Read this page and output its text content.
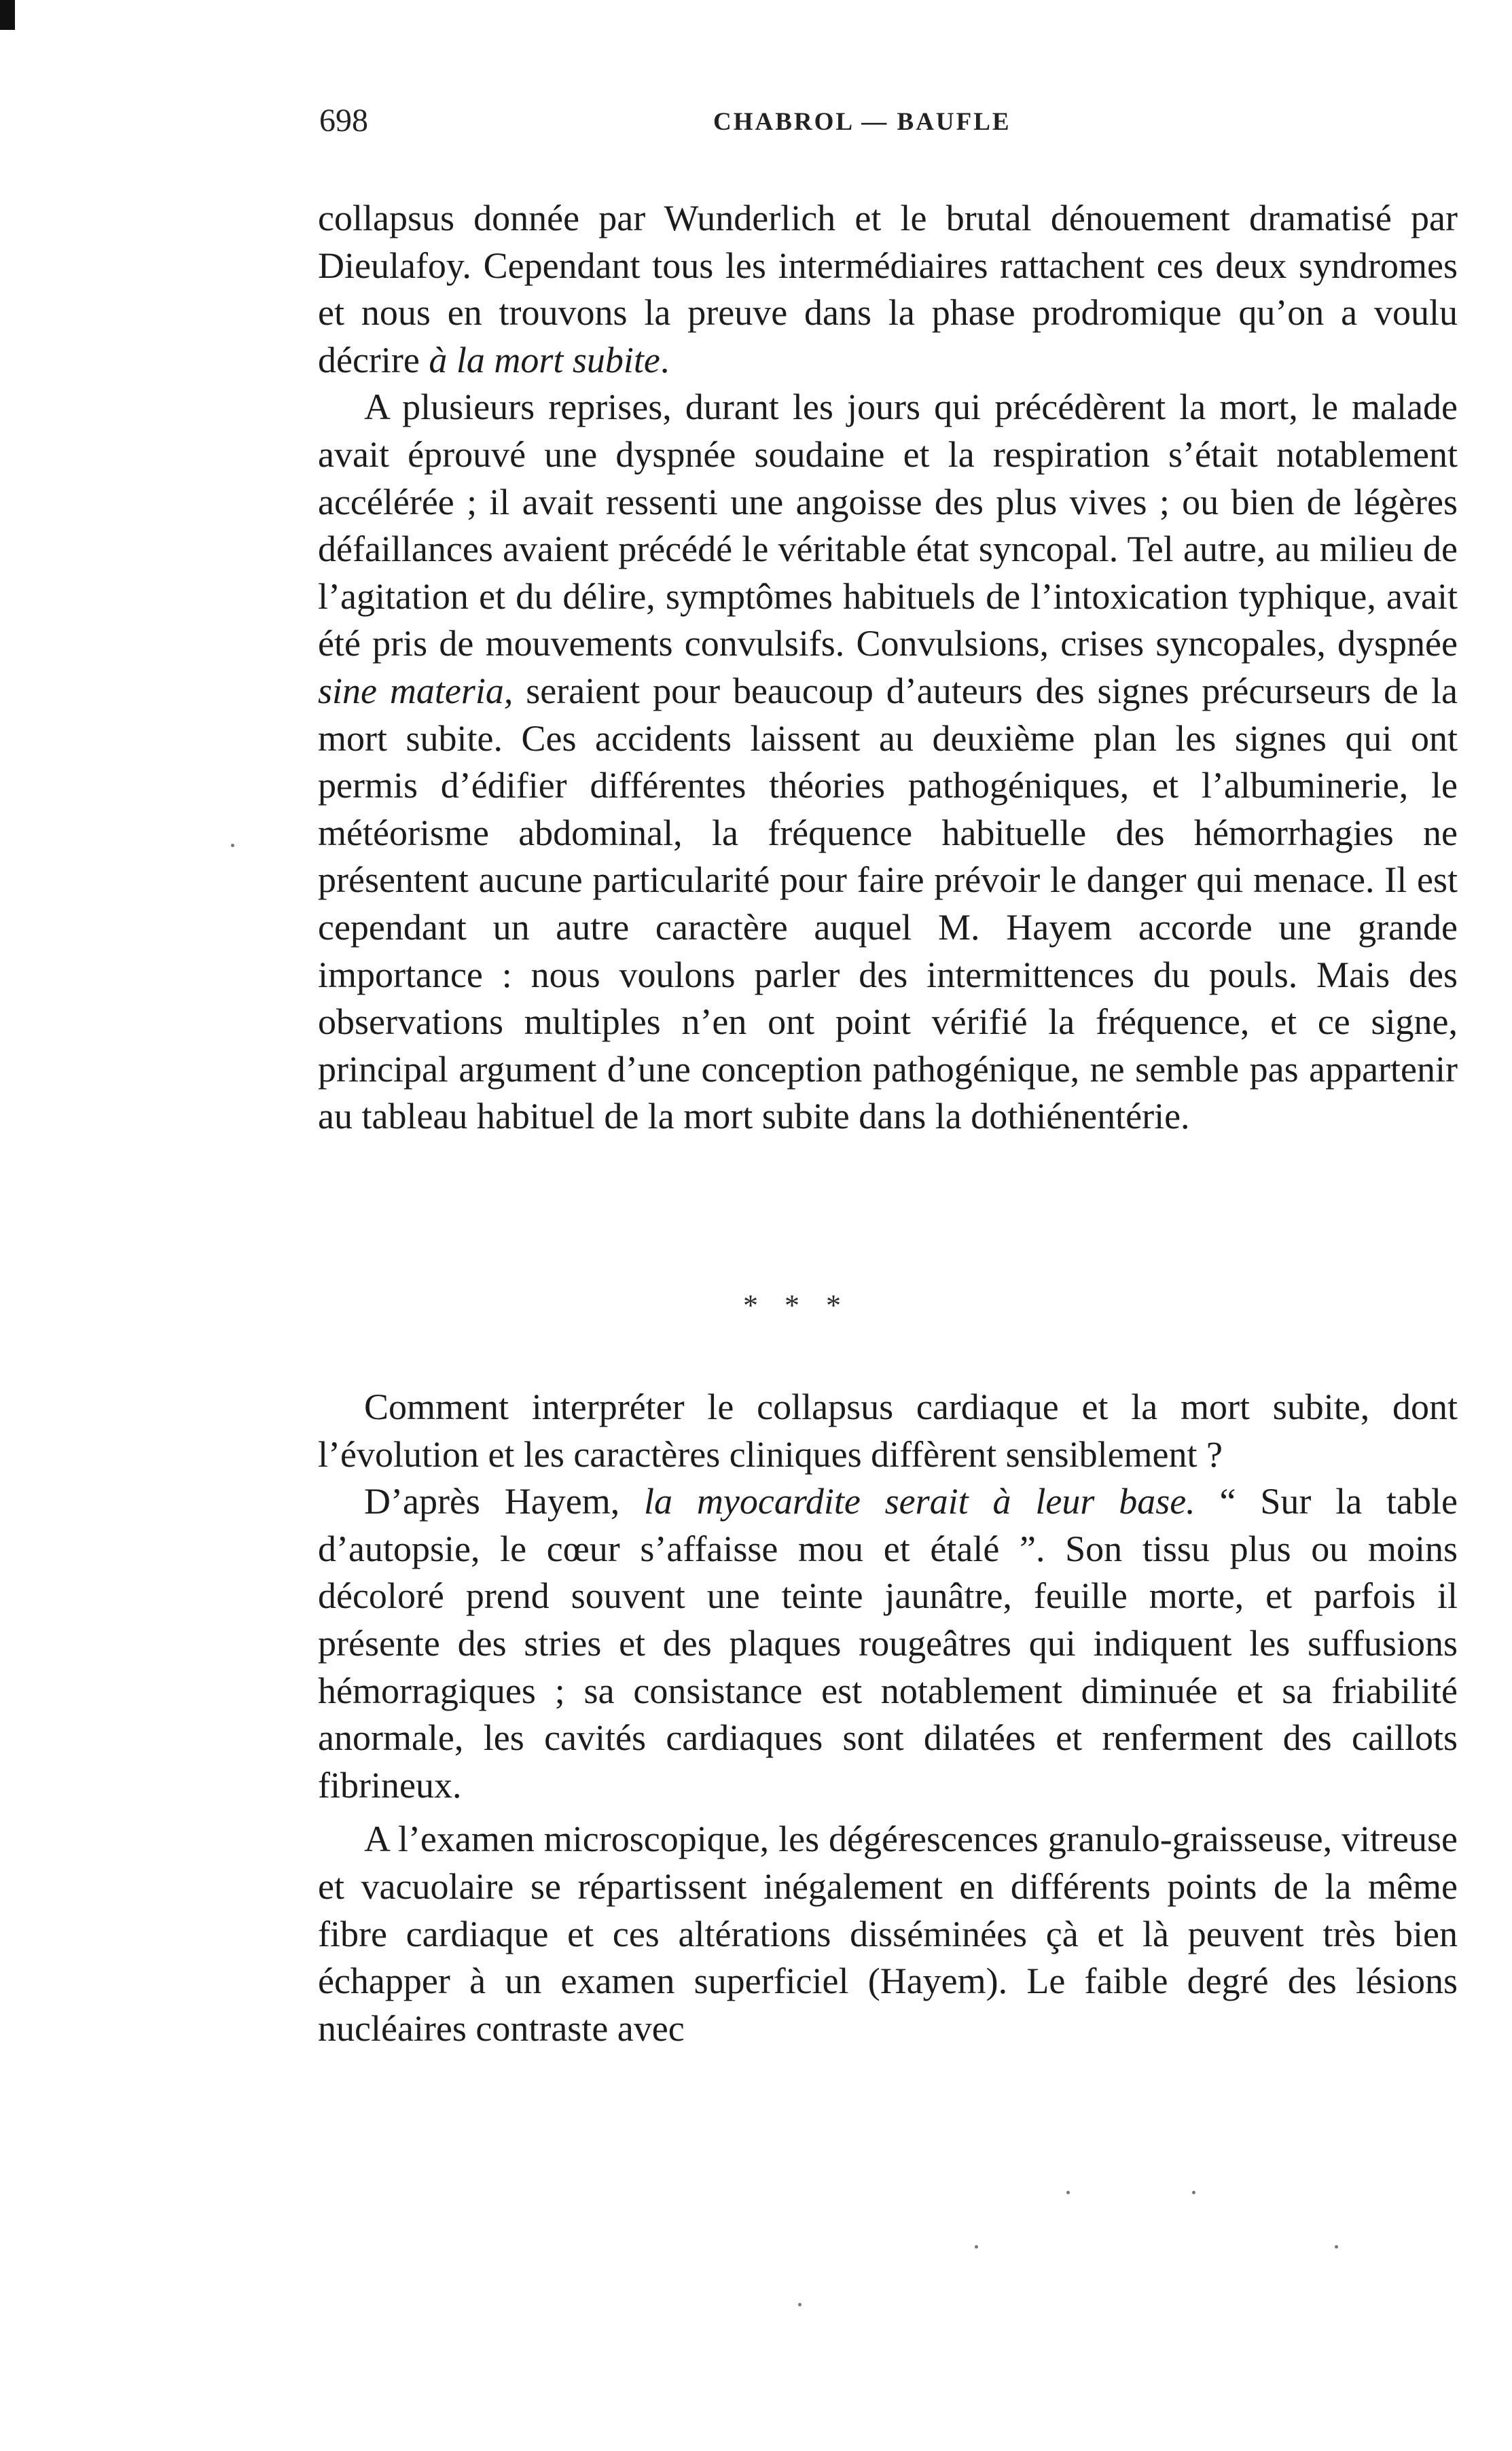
698	CHABROL — BAUFLE

collapsus donnée par Wunderlich et le brutal dénouement dramatisé par Dieulafoy. Cependant tous les intermédiaires rattachent ces deux syndromes et nous en trouvons la preuve dans la phase prodromique qu’on a voulu décrire à la mort subite.

A plusieurs reprises, durant les jours qui précédèrent la mort, le malade avait éprouvé une dyspnée soudaine et la respiration s’était notablement accélérée ; il avait ressenti une angoisse des plus vives ; ou bien de légères défaillances avaient précédé le véritable état syncopal. Tel autre, au milieu de l’agitation et du délire, symptômes habituels de l’intoxication typhique, avait été pris de mouvements convulsifs. Convulsions, crises syncopales, dyspnée sine materia, seraient pour beaucoup d’auteurs des signes précurseurs de la mort subite. Ces accidents laissent au deuxième plan les signes qui ont permis d’édifier différentes théories pathogéniques, et l’albuminerie, le météorisme abdominal, la fréquence habituelle des hémorrhagies ne présentent aucune particularité pour faire prévoir le danger qui menace. Il est cependant un autre caractère auquel M. Hayem accorde une grande importance : nous voulons parler des intermittences du pouls. Mais des observations multiples n’en ont point vérifié la fréquence, et ce signe, principal argument d’une conception pathogénique, ne semble pas appartenir au tableau habituel de la mort subite dans la dothiénentérie.

* * *

Comment interpréter le collapsus cardiaque et la mort subite, dont l’évolution et les caractères cliniques diffèrent sensiblement ?

D’après Hayem, la myocardite serait à leur base. “ Sur la table d’autopsie, le cœur s’affaisse mou et étalé ”. Son tissu plus ou moins décoloré prend souvent une teinte jaunâtre, feuille morte, et parfois il présente des stries et des plaques rougeâtres qui indiquent les suffusions hémorragiques ; sa consistance est notablement diminuée et sa friabilité anormale, les cavités cardiaques sont dilatées et renferment des caillots fibrineux.

A l’examen microscopique, les dégérescences granulo-graisseuse, vitreuse et vacuolaire se répartissent inégalement en différents points de la même fibre cardiaque et ces altérations disséminées çà et là peuvent très bien échapper à un examen superficiel (Hayem). Le faible degré des lésions nucléaires contraste avec
